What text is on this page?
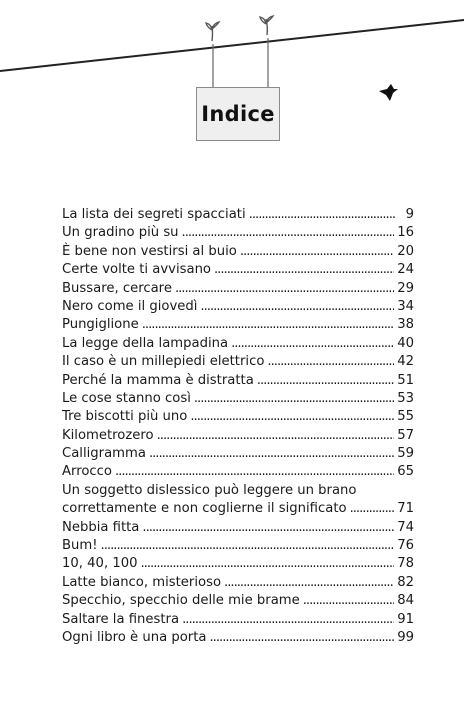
Indice
La lista dei segreti spacciati . . .	9
Un gradino più su . . .	16
È bene non vestirsi al buio . . .	20
Certe volte ti avvisano . . .	24
Bussare, cercare . . .	29
Nero come il giovedì . . .	34
Pungiglione . . .	38
La legge della lampadina . . .	40
Il caso è un millepiedi elettrico . . .	42
Perché la mamma è distratta . . .	51
Le cose stanno così . . .	53
Tre biscotti più uno . . .	55
Kilometrozero . . .	57
Calligramma . . .	59
Arrocco . . .	65
Un soggetto dislessico può leggere un brano
correttamente e non coglierne il significato . . .	71
Nebbia fitta . . .	74
Bum! . . .	76
10, 40, 100 . . .	78
Latte bianco, misterioso . . .	82
Specchio, specchio delle mie brame . . .	84
Saltare la finestra . . .	91
Ogni libro è una porta . . .	99
